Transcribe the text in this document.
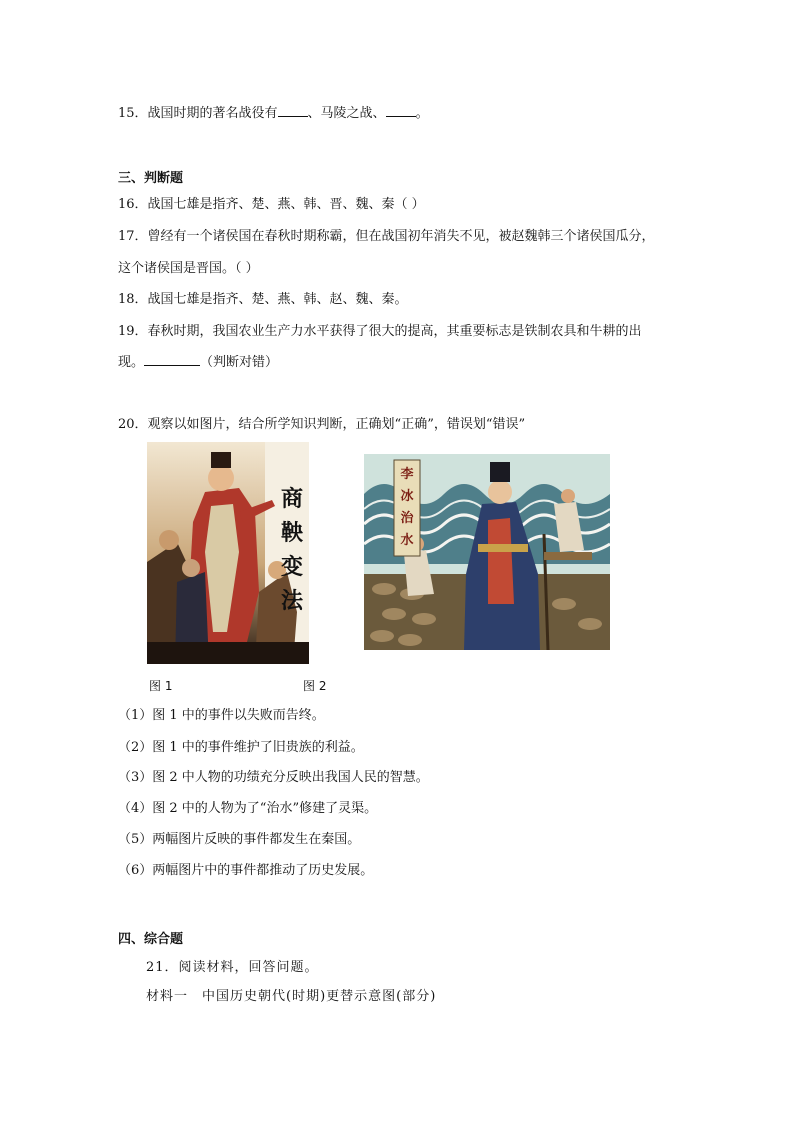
15．战国时期的著名战役有 、马陵之战、 。
三、判断题
16．战国七雄是指齐、楚、燕、韩、晋、魏、秦（ ）
17．曾经有一个诸侯国在春秋时期称霸，但在战国初年消失不见，被赵魏韩三个诸侯国瓜分，
这个诸侯国是晋国。（ ）
18．战国七雄是指齐、楚、燕、韩、赵、魏、秦。
19．春秋时期，我国农业生产力水平获得了很大的提高，其重要标志是铁制农具和牛耕的出
现。	（判断对错）
20．观察以如图片，结合所学知识判断，正确划“正确”，错误划“错误”
商
鞅
变
法
李
冰
治
水
图 1	图 2
（1）图 1 中的事件以失败而告终。
（2）图 1 中的事件维护了旧贵族的利益。
（3）图 2 中人物的功绩充分反映出我国人民的智慧。
（4）图 2 中的人物为了“治水”修建了灵渠。
（5）两幅图片反映的事件都发生在秦国。
（6）两幅图片中的事件都推动了历史发展。
四、综合题
21．阅读材料，回答问题。
材料一　中国历史朝代(时期)更替示意图(部分)
